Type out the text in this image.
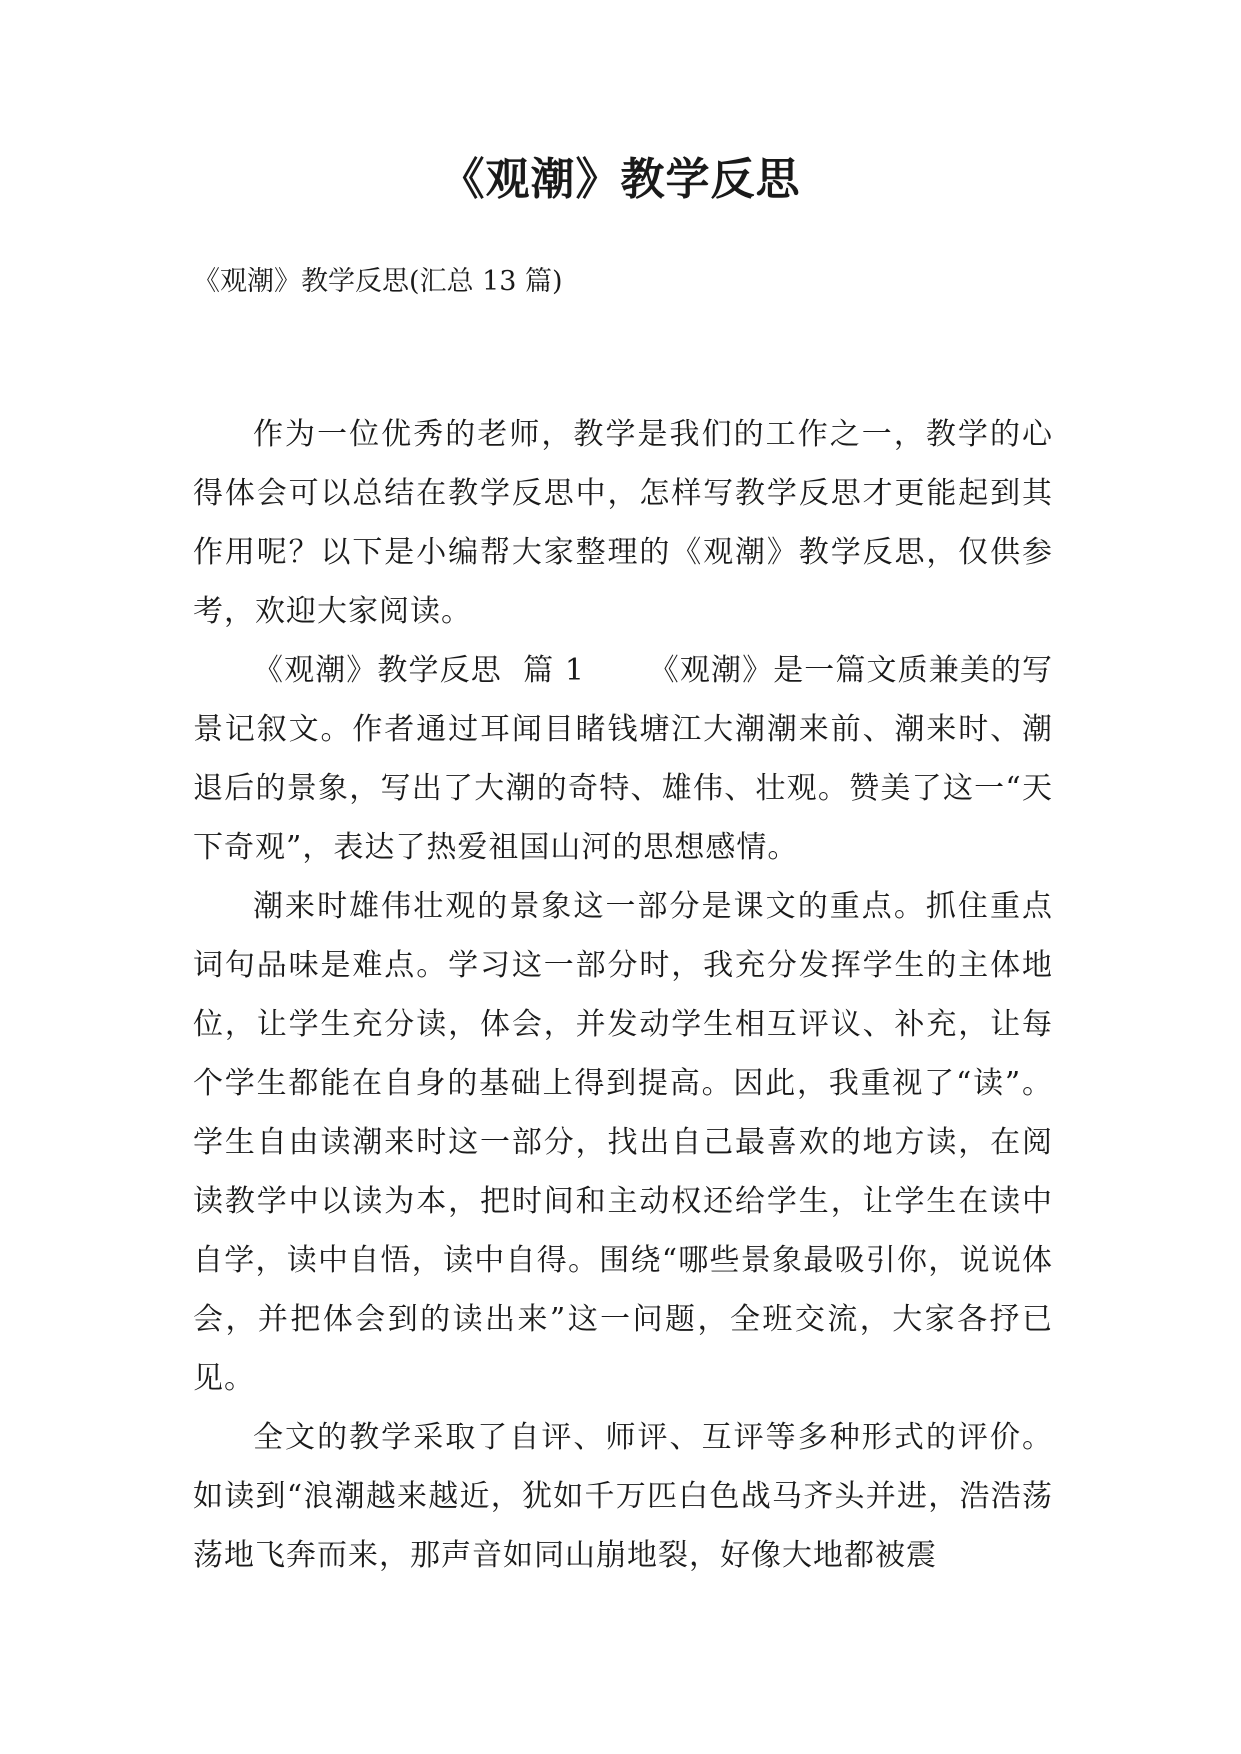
《观潮》教学反思

《观潮》教学反思(汇总 13 篇)

作为一位优秀的老师，教学是我们的工作之一，教学的心得体会可以总结在教学反思中，怎样写教学反思才更能起到其作用呢？以下是小编帮大家整理的《观潮》教学反思，仅供参考，欢迎大家阅读。

《观潮》教学反思  篇 1 《观潮》是一篇文质兼美的写景记叙文。作者通过耳闻目睹钱塘江大潮潮来前、潮来时、潮退后的景象，写出了大潮的奇特、雄伟、壮观。赞美了这一“天下奇观”，表达了热爱祖国山河的思想感情。

潮来时雄伟壮观的景象这一部分是课文的重点。抓住重点词句品味是难点。学习这一部分时，我充分发挥学生的主体地位，让学生充分读，体会，并发动学生相互评议、补充，让每个学生都能在自身的基础上得到提高。因此，我重视了“读”。学生自由读潮来时这一部分，找出自己最喜欢的地方读，在阅读教学中以读为本，把时间和主动权还给学生，让学生在读中自学，读中自悟，读中自得。围绕“哪些景象最吸引你，说说体会，并把体会到的读出来”这一问题，全班交流，大家各抒已见。

全文的教学采取了自评、师评、互评等多种形式的评价。如读到“浪潮越来越近，犹如千万匹白色战马齐头并进，浩浩荡荡地飞奔而来，那声音如同山崩地裂，好像大地都被震
